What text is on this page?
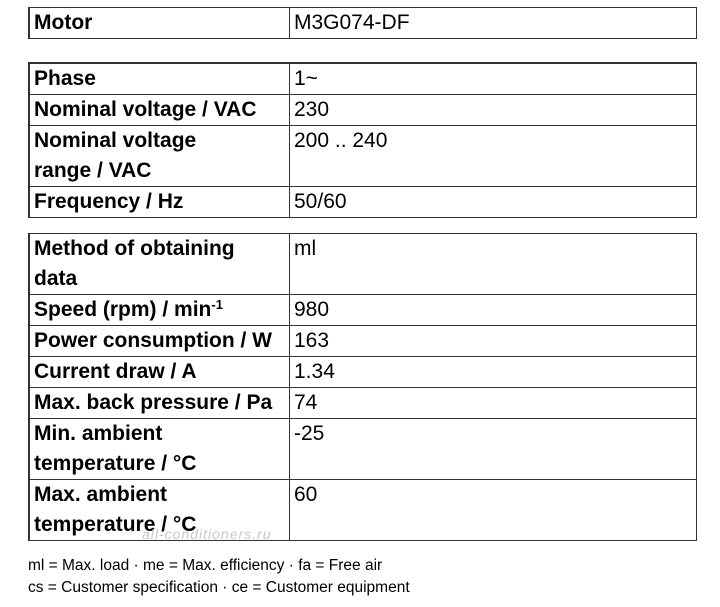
Motor	M3G074-DF
Phase	1~
Nominal voltage / VAC	230
Nominal voltage
range / VAC	200 .. 240
Frequency / Hz	50/60
Method of obtaining
data	ml
Speed $(rpm) / \min^{-1}$	980
Power consumption / W	163
Current draw / A	1.34
Max. back pressure / Pa	74
Min. ambient
temperature / °C	-25
Max. ambient
temperature / °C	60
all-conditioners.ru
ml = Max. load · me = Max. efficiency · fa = Free air
cs = Customer specification · ce = Customer equipment
